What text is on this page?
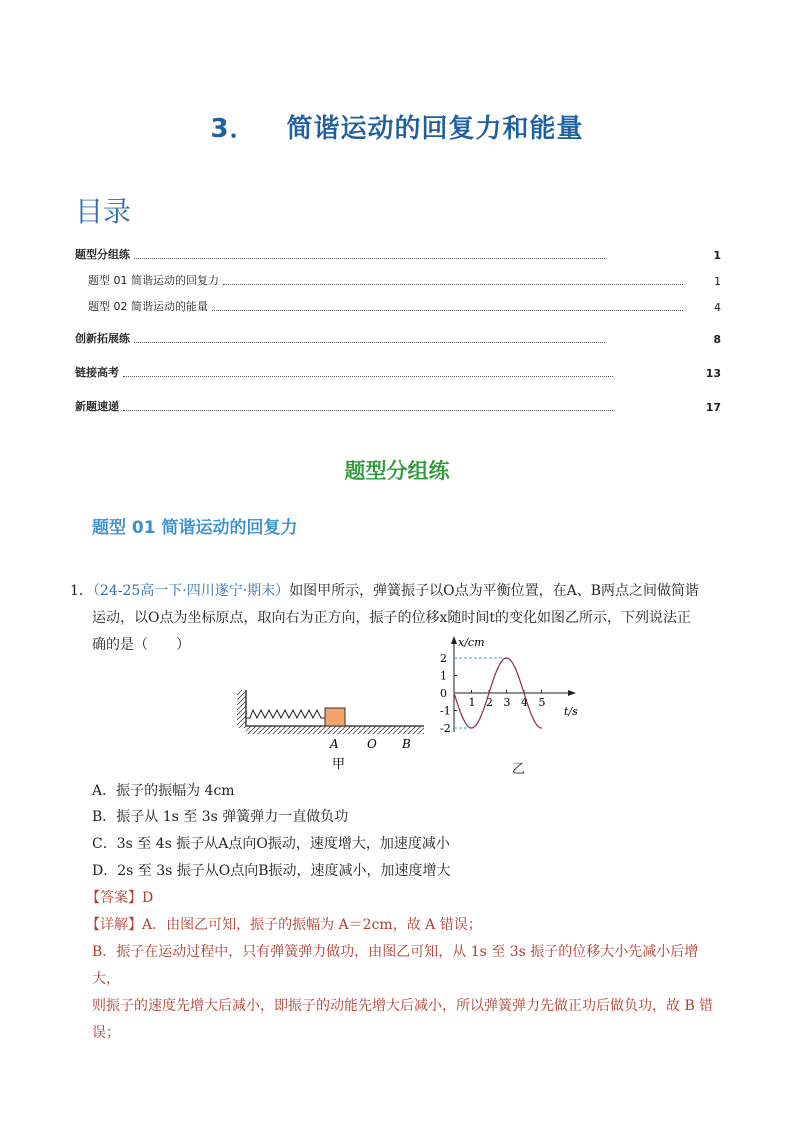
3． 简谐运动的回复力和能量
目录
题型分组练	1
题型 01 简谐运动的回复力	1
题型 02 简谐运动的能量	4
创新拓展练	8
链接高考	13
新题速递	17
题型分组练
题型 01 简谐运动的回复力
1．（24-25高一下·四川遂宁·期末）如图甲所示，弹簧振子以O点为平衡位置，在A、B两点之间做简谐
运动，以O点为坐标原点，取向右为正方向，振子的位移x随时间t的变化如图乙所示，下列说法正
确的是（　　）
A O B
甲
x/cm
t/s
2
1
0
-1
-2
1 2 3 4 5
乙
A．振子的振幅为 4cm
B．振子从 1s 至 3s 弹簧弹力一直做负功
C．3s 至 4s 振子从A点向O振动，速度增大，加速度减小
D．2s 至 3s 振子从O点向B振动，速度减小，加速度增大
【答案】D
【详解】A．由图乙可知，振子的振幅为 A＝2cm，故 A 错误；
B．振子在运动过程中，只有弹簧弹力做功，由图乙可知，从 1s 至 3s 振子的位移大小先减小后增大，
则振子的速度先增大后减小，即振子的动能先增大后减小，所以弹簧弹力先做正功后做负功，故 B 错
误；
